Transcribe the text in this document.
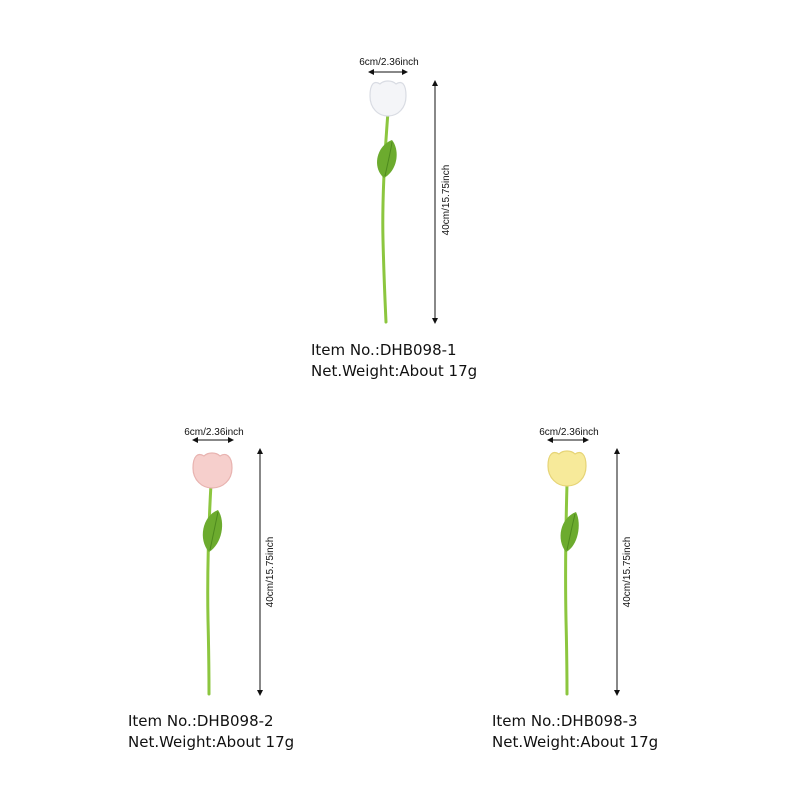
6cm/2.36inch
40cm/15.75inch
Item No.:DHB098-1
Net.Weight:About 17g
6cm/2.36inch
40cm/15.75inch
Item No.:DHB098-2
Net.Weight:About 17g
6cm/2.36inch
40cm/15.75inch
Item No.:DHB098-3
Net.Weight:About 17g
